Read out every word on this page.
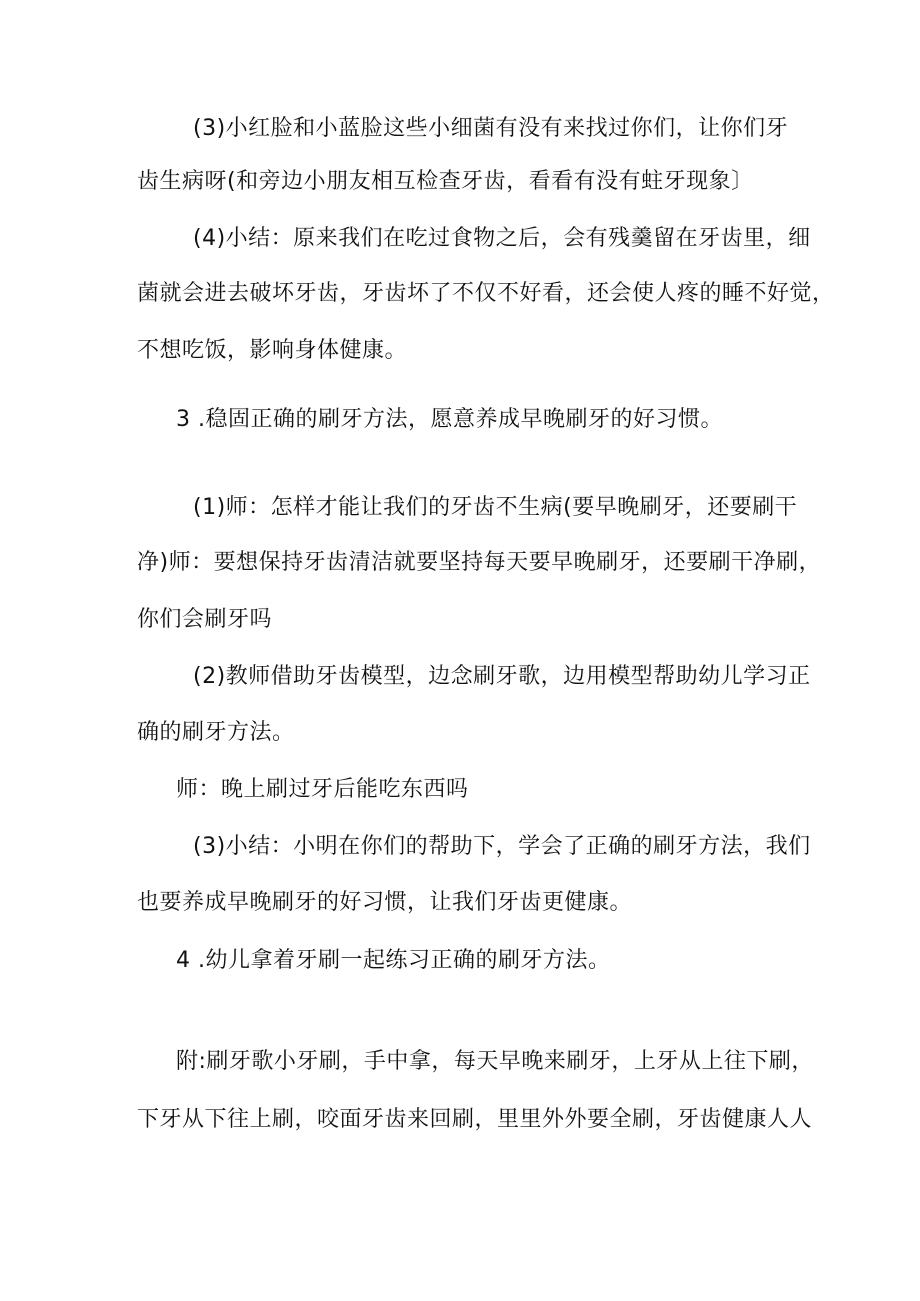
(3)小红脸和小蓝脸这些小细菌有没有来找过你们，让你们牙
齿生病呀(和旁边小朋友相互检查牙齿，看看有没有蛀牙现象〕
(4)小结：原来我们在吃过食物之后，会有残羹留在牙齿里，细
菌就会进去破坏牙齿，牙齿坏了不仅不好看，还会使人疼的睡不好觉，
不想吃饭，影响身体健康。
3 .稳固正确的刷牙方法，愿意养成早晚刷牙的好习惯。
(1)师：怎样才能让我们的牙齿不生病(要早晚刷牙，还要刷干
净)师：要想保持牙齿清洁就要坚持每天要早晚刷牙，还要刷干净刷，
你们会刷牙吗
(2)教师借助牙齿模型，边念刷牙歌，边用模型帮助幼儿学习正
确的刷牙方法。
师：晚上刷过牙后能吃东西吗
(3)小结：小明在你们的帮助下，学会了正确的刷牙方法，我们
也要养成早晚刷牙的好习惯，让我们牙齿更健康。
4 .幼儿拿着牙刷一起练习正确的刷牙方法。
附:刷牙歌小牙刷，手中拿，每天早晚来刷牙，上牙从上往下刷，
下牙从下往上刷，咬面牙齿来回刷，里里外外要全刷，牙齿健康人人
